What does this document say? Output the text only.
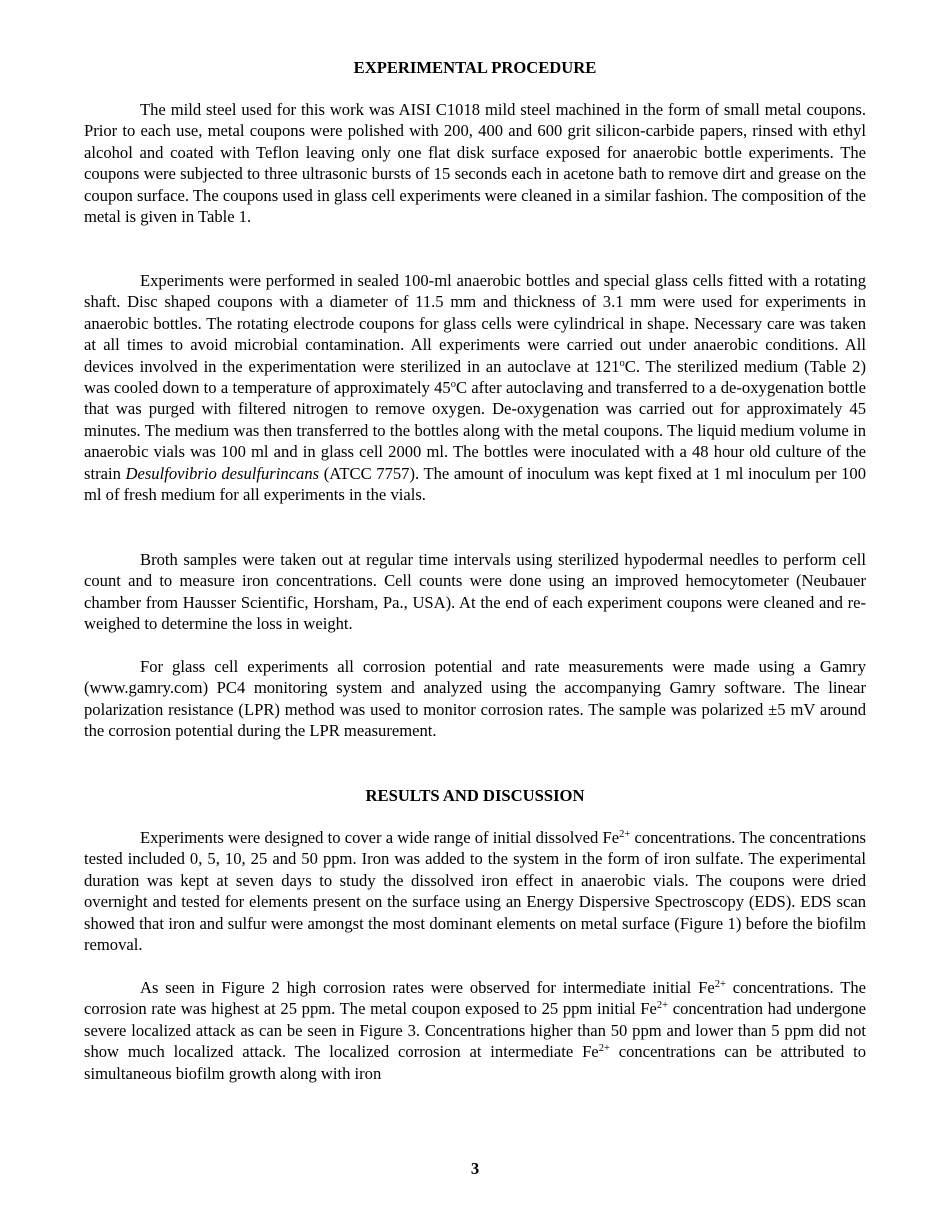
EXPERIMENTAL PROCEDURE

The mild steel used for this work was AISI C1018 mild steel machined in the form of small metal coupons. Prior to each use, metal coupons were polished with 200, 400 and 600 grit silicon-carbide papers, rinsed with ethyl alcohol and coated with Teflon leaving only one flat disk surface exposed for anaerobic bottle experiments. The coupons were subjected to three ultrasonic bursts of 15 seconds each in acetone bath to remove dirt and grease on the coupon surface. The coupons used in glass cell experiments were cleaned in a similar fashion. The composition of the metal is given in Table 1.

Experiments were performed in sealed 100-ml anaerobic bottles and special glass cells fitted with a rotating shaft. Disc shaped coupons with a diameter of 11.5 mm and thickness of 3.1 mm were used for experiments in anaerobic bottles. The rotating electrode coupons for glass cells were cylindrical in shape. Necessary care was taken at all times to avoid microbial contamination. All experiments were carried out under anaerobic conditions. All devices involved in the experimentation were sterilized in an autoclave at 121$^o$C. The sterilized medium (Table 2) was cooled down to a temperature of approximately 45$^o$C after autoclaving and transferred to a de-oxygenation bottle that was purged with filtered nitrogen to remove oxygen. De-oxygenation was carried out for approximately 45 minutes. The medium was then transferred to the bottles along with the metal coupons. The liquid medium volume in anaerobic vials was 100 ml and in glass cell 2000 ml. The bottles were inoculated with a 48 hour old culture of the strain Desulfovibrio desulfurincans (ATCC 7757). The amount of inoculum was kept fixed at 1 ml inoculum per 100 ml of fresh medium for all experiments in the vials.

Broth samples were taken out at regular time intervals using sterilized hypodermal needles to perform cell count and to measure iron concentrations. Cell counts were done using an improved hemocytometer (Neubauer chamber from Hausser Scientific, Horsham, Pa., USA). At the end of each experiment coupons were cleaned and re-weighed to determine the loss in weight.

For glass cell experiments all corrosion potential and rate measurements were made using a Gamry (www.gamry.com) PC4 monitoring system and analyzed using the accompanying Gamry software. The linear polarization resistance (LPR) method was used to monitor corrosion rates. The sample was polarized ±5 mV around the corrosion potential during the LPR measurement.

RESULTS AND DISCUSSION

Experiments were designed to cover a wide range of initial dissolved $Fe^{2+}$ concentrations. The concentrations tested included 0, 5, 10, 25 and 50 ppm. Iron was added to the system in the form of iron sulfate. The experimental duration was kept at seven days to study the dissolved iron effect in anaerobic vials. The coupons were dried overnight and tested for elements present on the surface using an Energy Dispersive Spectroscopy (EDS). EDS scan showed that iron and sulfur were amongst the most dominant elements on metal surface (Figure 1) before the biofilm removal.

As seen in Figure 2 high corrosion rates were observed for intermediate initial $Fe^{2+}$ concentrations. The corrosion rate was highest at 25 ppm. The metal coupon exposed to 25 ppm initial $Fe^{2+}$ concentration had undergone severe localized attack as can be seen in Figure 3. Concentrations higher than 50 ppm and lower than 5 ppm did not show much localized attack. The localized corrosion at intermediate $Fe^{2+}$ concentrations can be attributed to simultaneous biofilm growth along with iron

3
